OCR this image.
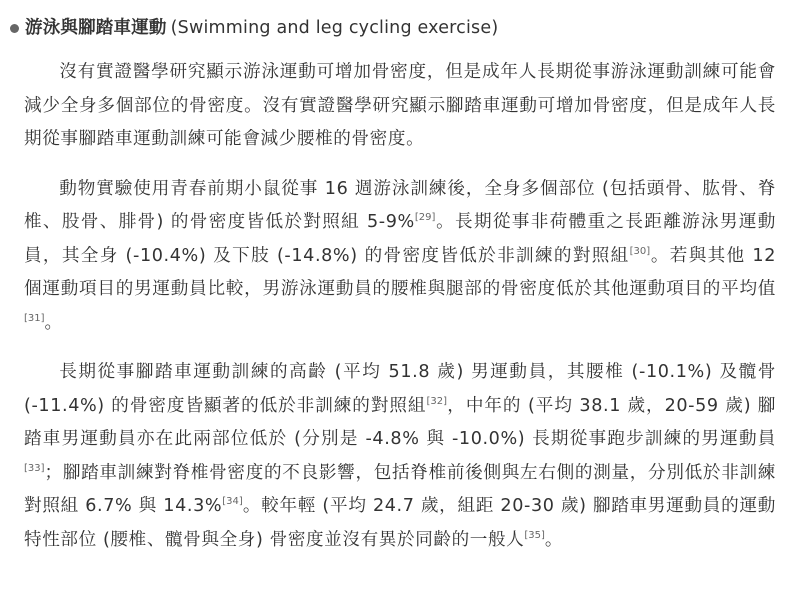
游泳與腳踏車運動 (Swimming and leg cycling exercise)

沒有實證醫學研究顯示游泳運動可增加骨密度，但是成年人長期從事游泳運動訓練可能會減少全身多個部位的骨密度。沒有實證醫學研究顯示腳踏車運動可增加骨密度，但是成年人長期從事腳踏車運動訓練可能會減少腰椎的骨密度。

動物實驗使用青春前期小鼠從事 16 週游泳訓練後，全身多個部位 (包括頭骨、肱骨、脊椎、股骨、腓骨) 的骨密度皆低於對照組 5-9%[29]。長期從事非荷體重之長距離游泳男運動員，其全身 (-10.4%) 及下肢 (-14.8%) 的骨密度皆低於非訓練的對照組[30]。若與其他 12 個運動項目的男運動員比較，男游泳運動員的腰椎與腿部的骨密度低於其他運動項目的平均值[31]。

長期從事腳踏車運動訓練的高齡 (平均 51.8 歲) 男運動員，其腰椎 (-10.1%) 及髖骨 (-11.4%) 的骨密度皆顯著的低於非訓練的對照組[32]，中年的 (平均 38.1 歲，20-59 歲) 腳踏車男運動員亦在此兩部位低於 (分別是 -4.8% 與 -10.0%) 長期從事跑步訓練的男運動員[33]；腳踏車訓練對脊椎骨密度的不良影響，包括脊椎前後側與左右側的測量，分別低於非訓練對照組 6.7% 與 14.3%[34]。較年輕 (平均 24.7 歲，組距 20-30 歲) 腳踏車男運動員的運動特性部位 (腰椎、髖骨與全身) 骨密度並沒有異於同齡的一般人[35]。
